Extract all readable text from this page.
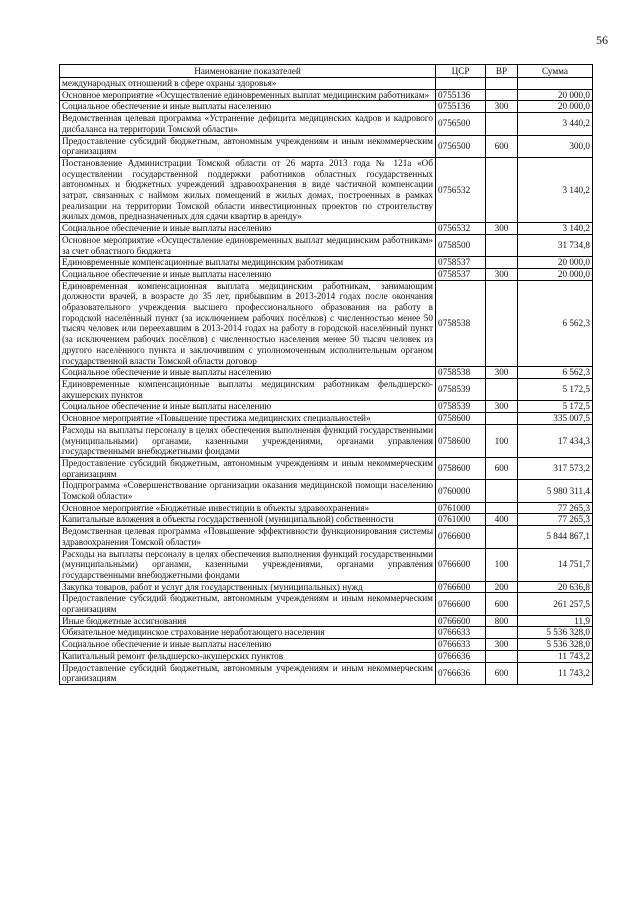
56
Наименование показателей	ЦСР	ВР	Сумма
международных отношений в сфере охраны здоровья»			
Основное мероприятие «Осуществление единовременных выплат медицинским работникам»	0755136		20 000,0
Социальное обеспечение и иные выплаты населению	0755136	300	20 000,0
Ведомственная целевая программа «Устранение дефицита медицинских кадров и кадрового дисбаланса на территории Томской области»	0756500		3 440,2
Предоставление субсидий бюджетным, автономным учреждениям и иным некоммерческим организациям	0756500	600	300,0
Постановление Администрации Томской области от 26 марта 2013 года № 121а «Об осуществлении государственной поддержки работников областных государственных автономных и бюджетных учреждений здравоохранения в виде частичной компенсации затрат, связанных с наймом жилых помещений в жилых домах, построенных в рамках реализации на территории Томской области инвестиционных проектов по строительству жилых домов, предназначенных для сдачи квартир в аренду»	0756532		3 140,2
Социальное обеспечение и иные выплаты населению	0756532	300	3 140,2
Основное мероприятие «Осуществление единовременных выплат медицинским работникам» за счет областного бюджета	0758500		31 734,8
Единовременные компенсационные выплаты медицинским работникам	0758537		20 000,0
Социальное обеспечение и иные выплаты населению	0758537	300	20 000,0
Единовременная компенсационная выплата медицинским работникам, занимающим должности врачей, в возрасте до 35 лет, прибывшим в 2013-2014 годах после окончания образовательного учреждения высшего профессионального образования на работу в городской населённый пункт (за исключением рабочих посёлков) с численностью менее 50 тысяч человек или переехавшим в 2013-2014 годах на работу в городской населённый пункт (за исключением рабочих посёлков) с численностью населения менее 50 тысяч человек из другого населённого пункта и заключившим с уполномоченным исполнительным органом государственной власти Томской области договор	0758538		6 562,3
Социальное обеспечение и иные выплаты населению	0758538	300	6 562,3
Единовременные компенсационные выплаты медицинским работникам фельдшерско-акушерских пунктов	0758539		5 172,5
Социальное обеспечение и иные выплаты населению	0758539	300	5 172,5
Основное мероприятие «Повышение престижа медицинских специальностей»	0758600		335 007,5
Расходы на выплаты персоналу в целях обеспечения выполнения функций государственными (муниципальными) органами, казенными учреждениями, органами управления государственными внебюджетными фондами	0758600	100	17 434,3
Предоставление субсидий бюджетным, автономным учреждениям и иным некоммерческим организациям	0758600	600	317 573,2
Подпрограмма «Совершенствование организации оказания медицинской помощи населению Томской области»	0760000		5 980 311,4
Основное мероприятие «Бюджетные инвестиции в объекты здравоохранения»	0761000		77 265,3
Капитальные вложения в объекты государственной (муниципальной) собственности	0761000	400	77 265,3
Ведомственная целевая программа «Повышение эффективности функционирования системы здравоохранения Томской области»	0766600		5 844 867,1
Расходы на выплаты персоналу в целях обеспечения выполнения функций государственными (муниципальными) органами, казенными учреждениями, органами управления государственными внебюджетными фондами	0766600	100	14 751,7
Закупка товаров, работ и услуг для государственных (муниципальных) нужд	0766600	200	20 636,8
Предоставление субсидий бюджетным, автономным учреждениям и иным некоммерческим организациям	0766600	600	261 257,5
Иные бюджетные ассигнования	0766600	800	11,9
Обязательное медицинское страхование неработающего населения	0766633		5 536 328,0
Социальное обеспечение и иные выплаты населению	0766633	300	5 536 328,0
Капитальный ремонт фельдшерско-акушерских пунктов	0766636		11 743,2
Предоставление субсидий бюджетным, автономным учреждениям и иным некоммерческим организациям	0766636	600	11 743,2
